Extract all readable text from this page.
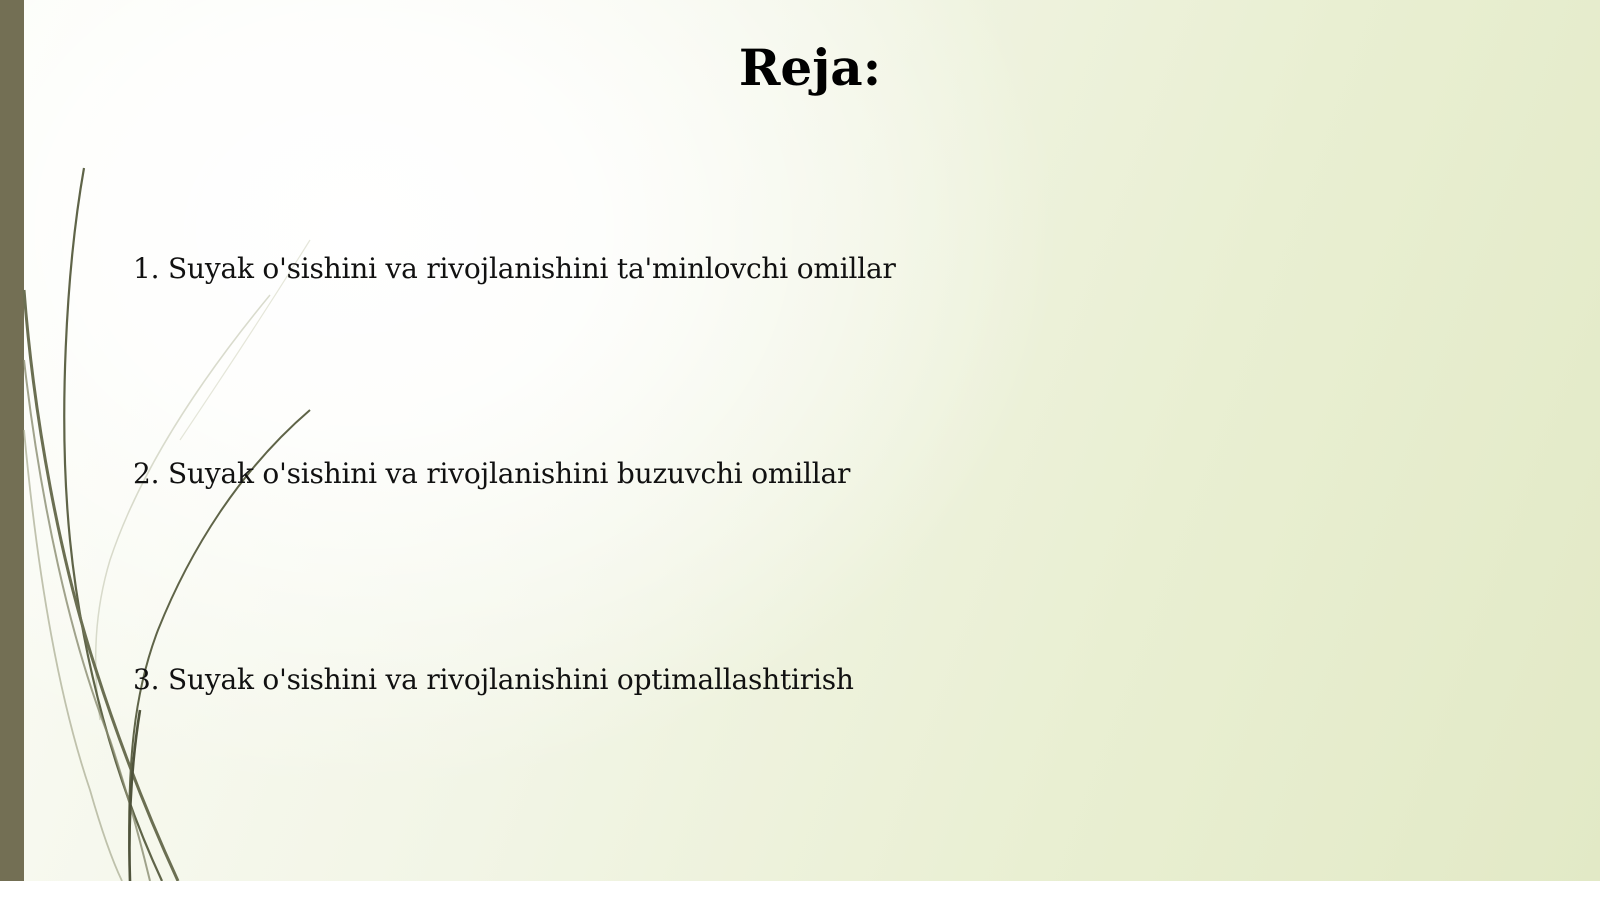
Reja:
1. Suyak o'sishini va rivojlanishini ta'minlovchi omillar
2. Suyak o'sishini va rivojlanishini buzuvchi omillar
3. Suyak o'sishini va rivojlanishini optimallashtirish
